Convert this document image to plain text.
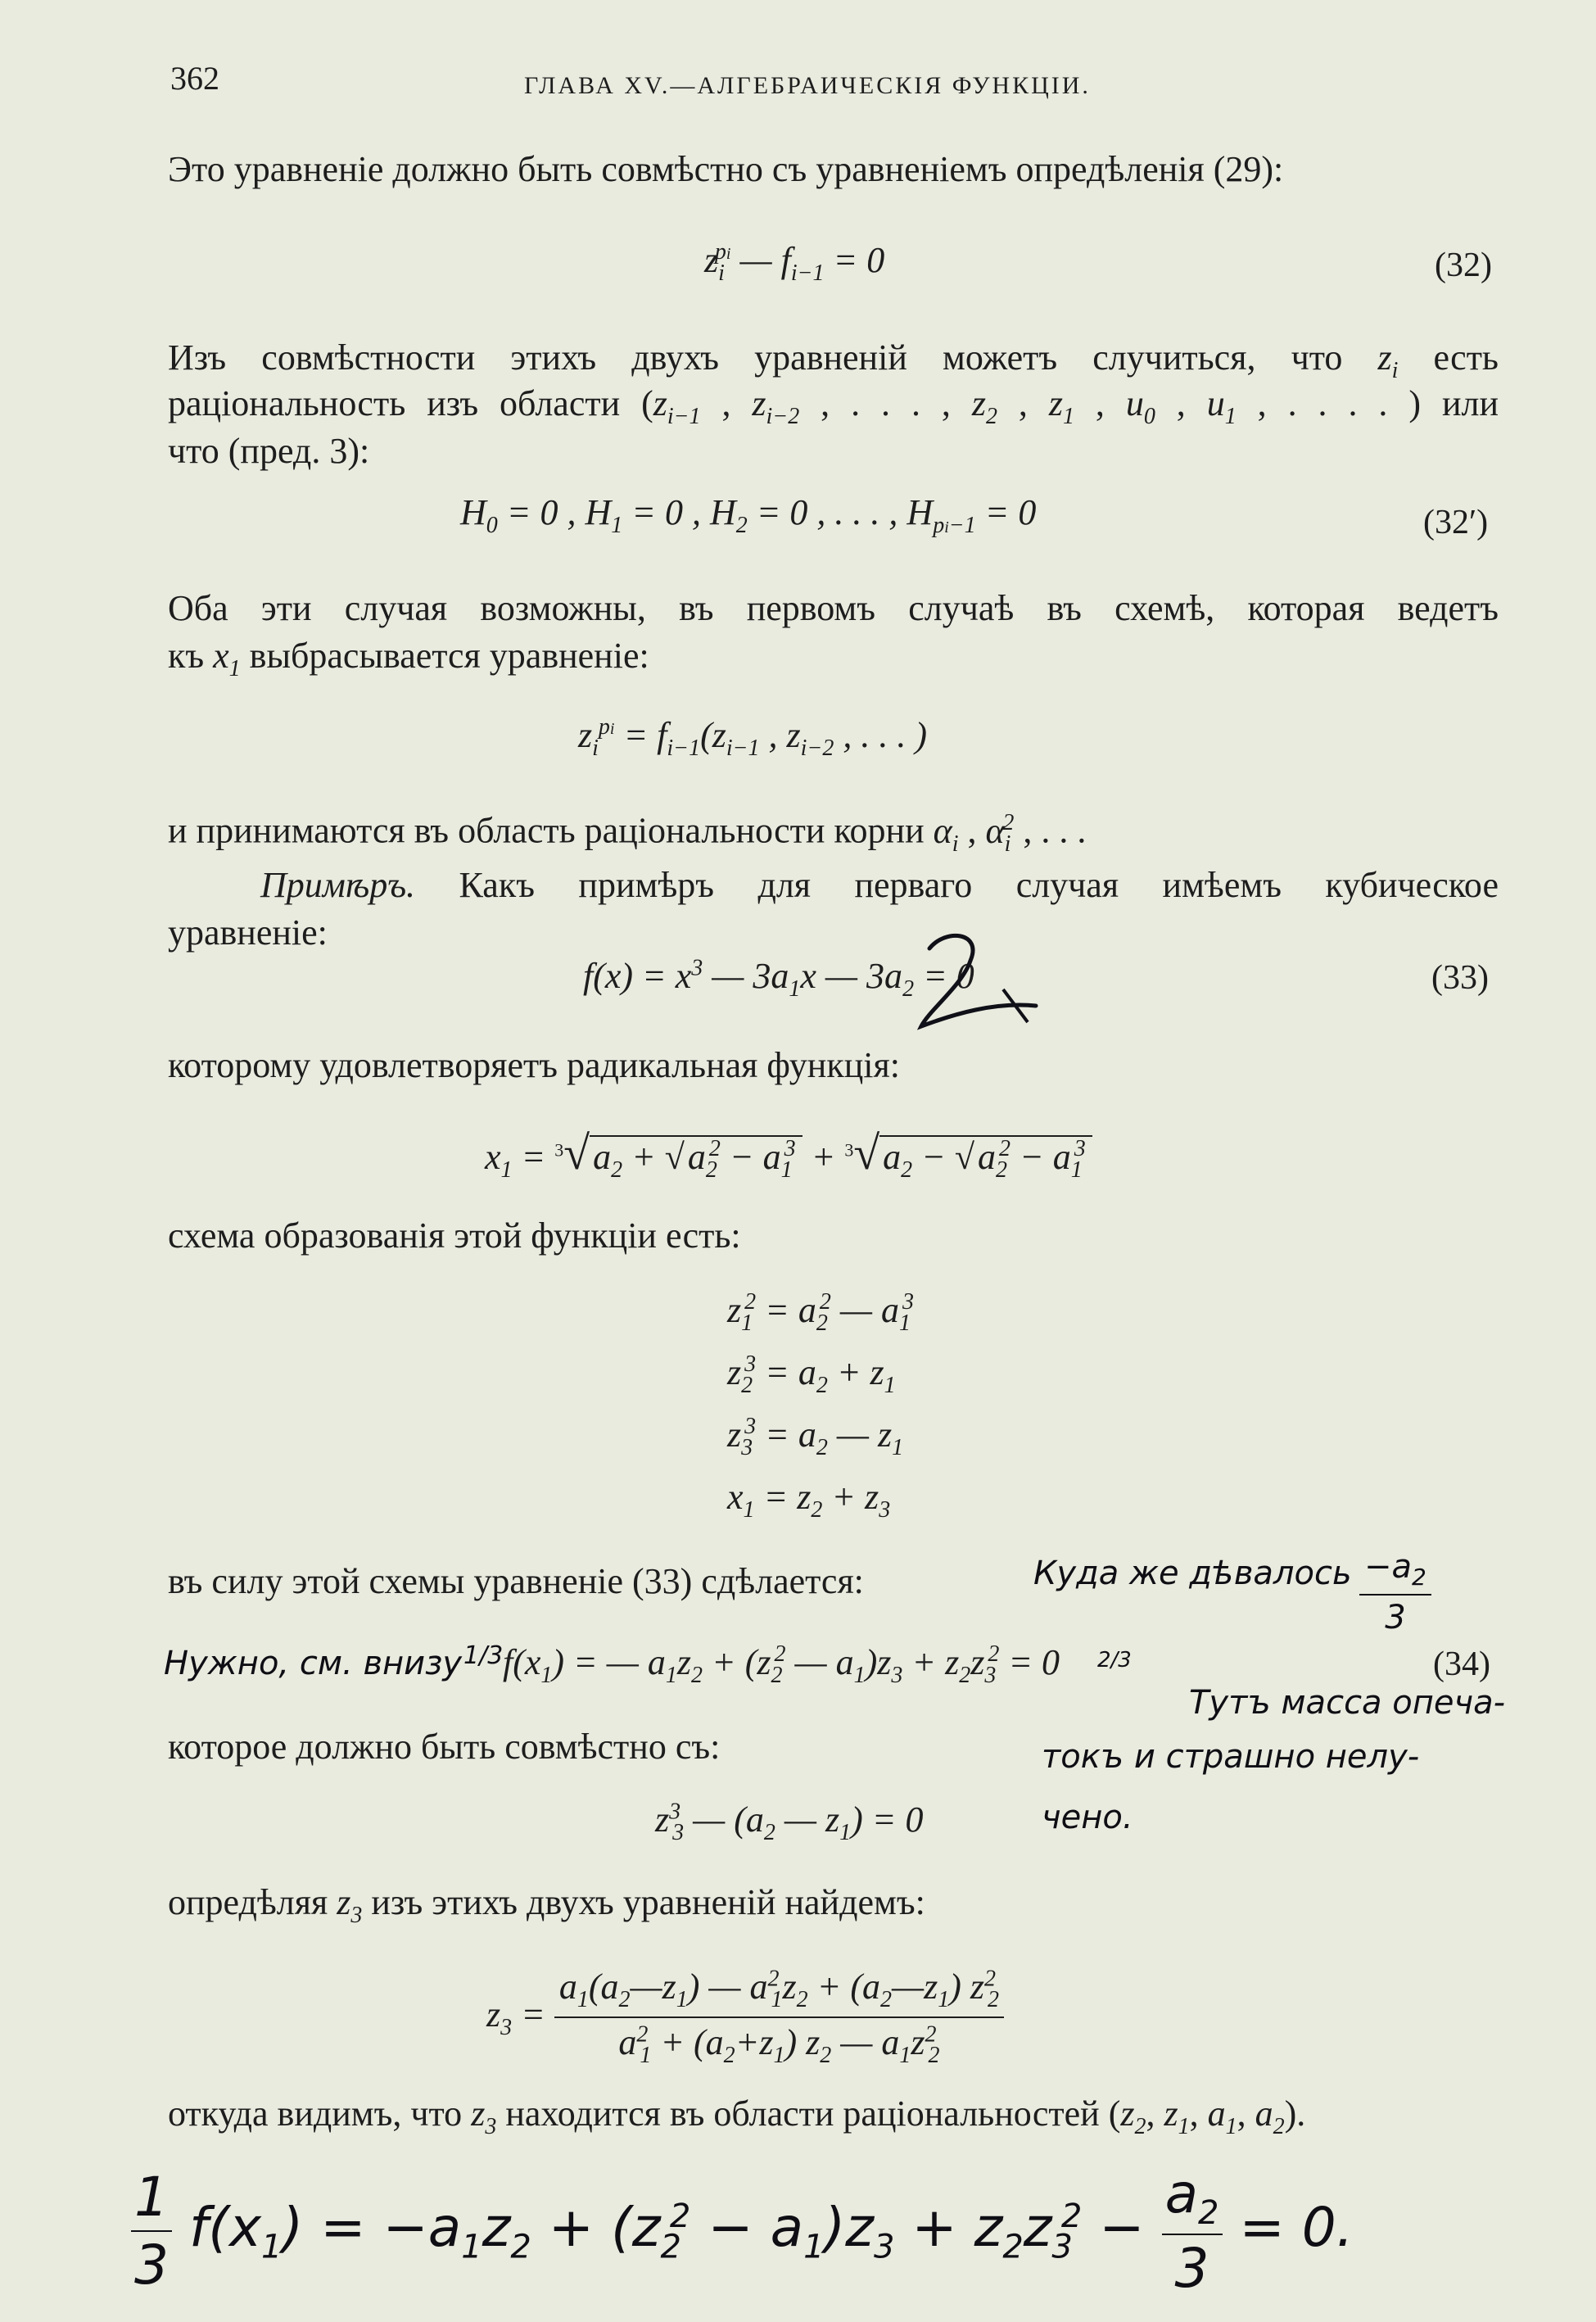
362	ГЛАВА XV.—АЛГЕБРАИЧЕСКІЯ ФУНКЦІИ.
Это уравненіе должно быть совмѣстно съ уравненіемъ опредѣленія (29):
$z_i^{pi}$ — $f_{i-1} = 0$	(32)
Изъ совмѣстности этихъ двухъ уравненій можетъ случиться, что $z_i$ есть
раціональность изъ области ($z_{i-1}$ , $z_{i-2}$ , . . . , $z_2$ , $z_1$ , $u_0$ , $u_1$ , . . . . ) или
что (пред. 3):
$H_0 = 0$ , $H_1 = 0$ , $H_2 = 0$ , . . . , $H_{pi-1} = 0$	(32′)
Оба эти случая возможны, въ первомъ случаѣ въ схемѣ, которая ведетъ
къ $x_1$ выбрасывается уравненіе:
$z_i^{pi} = f_{i-1}(z_{i-1}$ , $z_{i-2}$ , . . . )
и принимаются въ область раціональности корни $\alpha_i$ , $\alpha_i^2$ , . . .
Примѣръ. Какъ примѣръ для перваго случая имѣемъ кубическое
уравненіе:
$f(x) = x^3$ — $3a_1x$ — $3a_2 = 0$	(33)
которому удовлетворяетъ радикальная функція:
$x_1 = ^3√a_2 + √a_2^2 - a_1^3 + ^3√a_2 - √a_2^2 - a_1^3$
схема образованія этой функціи есть:
$z_1^2 = a_2^2$ — $a_1^3$
$z_2^3 = a_2 + z_1$
$z_3^3 = a_2$ — $z_1$
$x_1 = z_2 + z_3$
въ силу этой схемы уравненіе (33) сдѣлается:	Куда же дѣвалось $\frac{-a_2}{3}$
Нужно, см. внизу 1/3 $f(x_1)$ = — $a_1z_2 + (z_2^2$ — $a_1)z_3 + z_2z_3^2 = 0$ 2/3	(34)
Тутъ масса опеча-
токъ и страшно нелу-
чено.
которое должно быть совмѣстно съ:
$z^3_3$ — ($a_2$ — $z_1) = 0$
опредѣляя $z_3$ изъ этихъ двухъ уравненій найдемъ:
$z_3 = \frac{a_1(a_2—z_1) — a^2_1z_2 + (a_2—z_1) z^2_2}{a^2_1 + (a_2+z_1) z_2 — a_1z^2_2}$
откуда видимъ, что $z_3$ находится въ области раціональностей ($z_2$, $z_1$, $a_1$, $a_2$).
$\frac{1}{3} f(x_1) = -a_1z_2 + (z_2^2 - a_1)z_3 + z_2z_3^2 - \frac{a_2}{3} = 0$.
